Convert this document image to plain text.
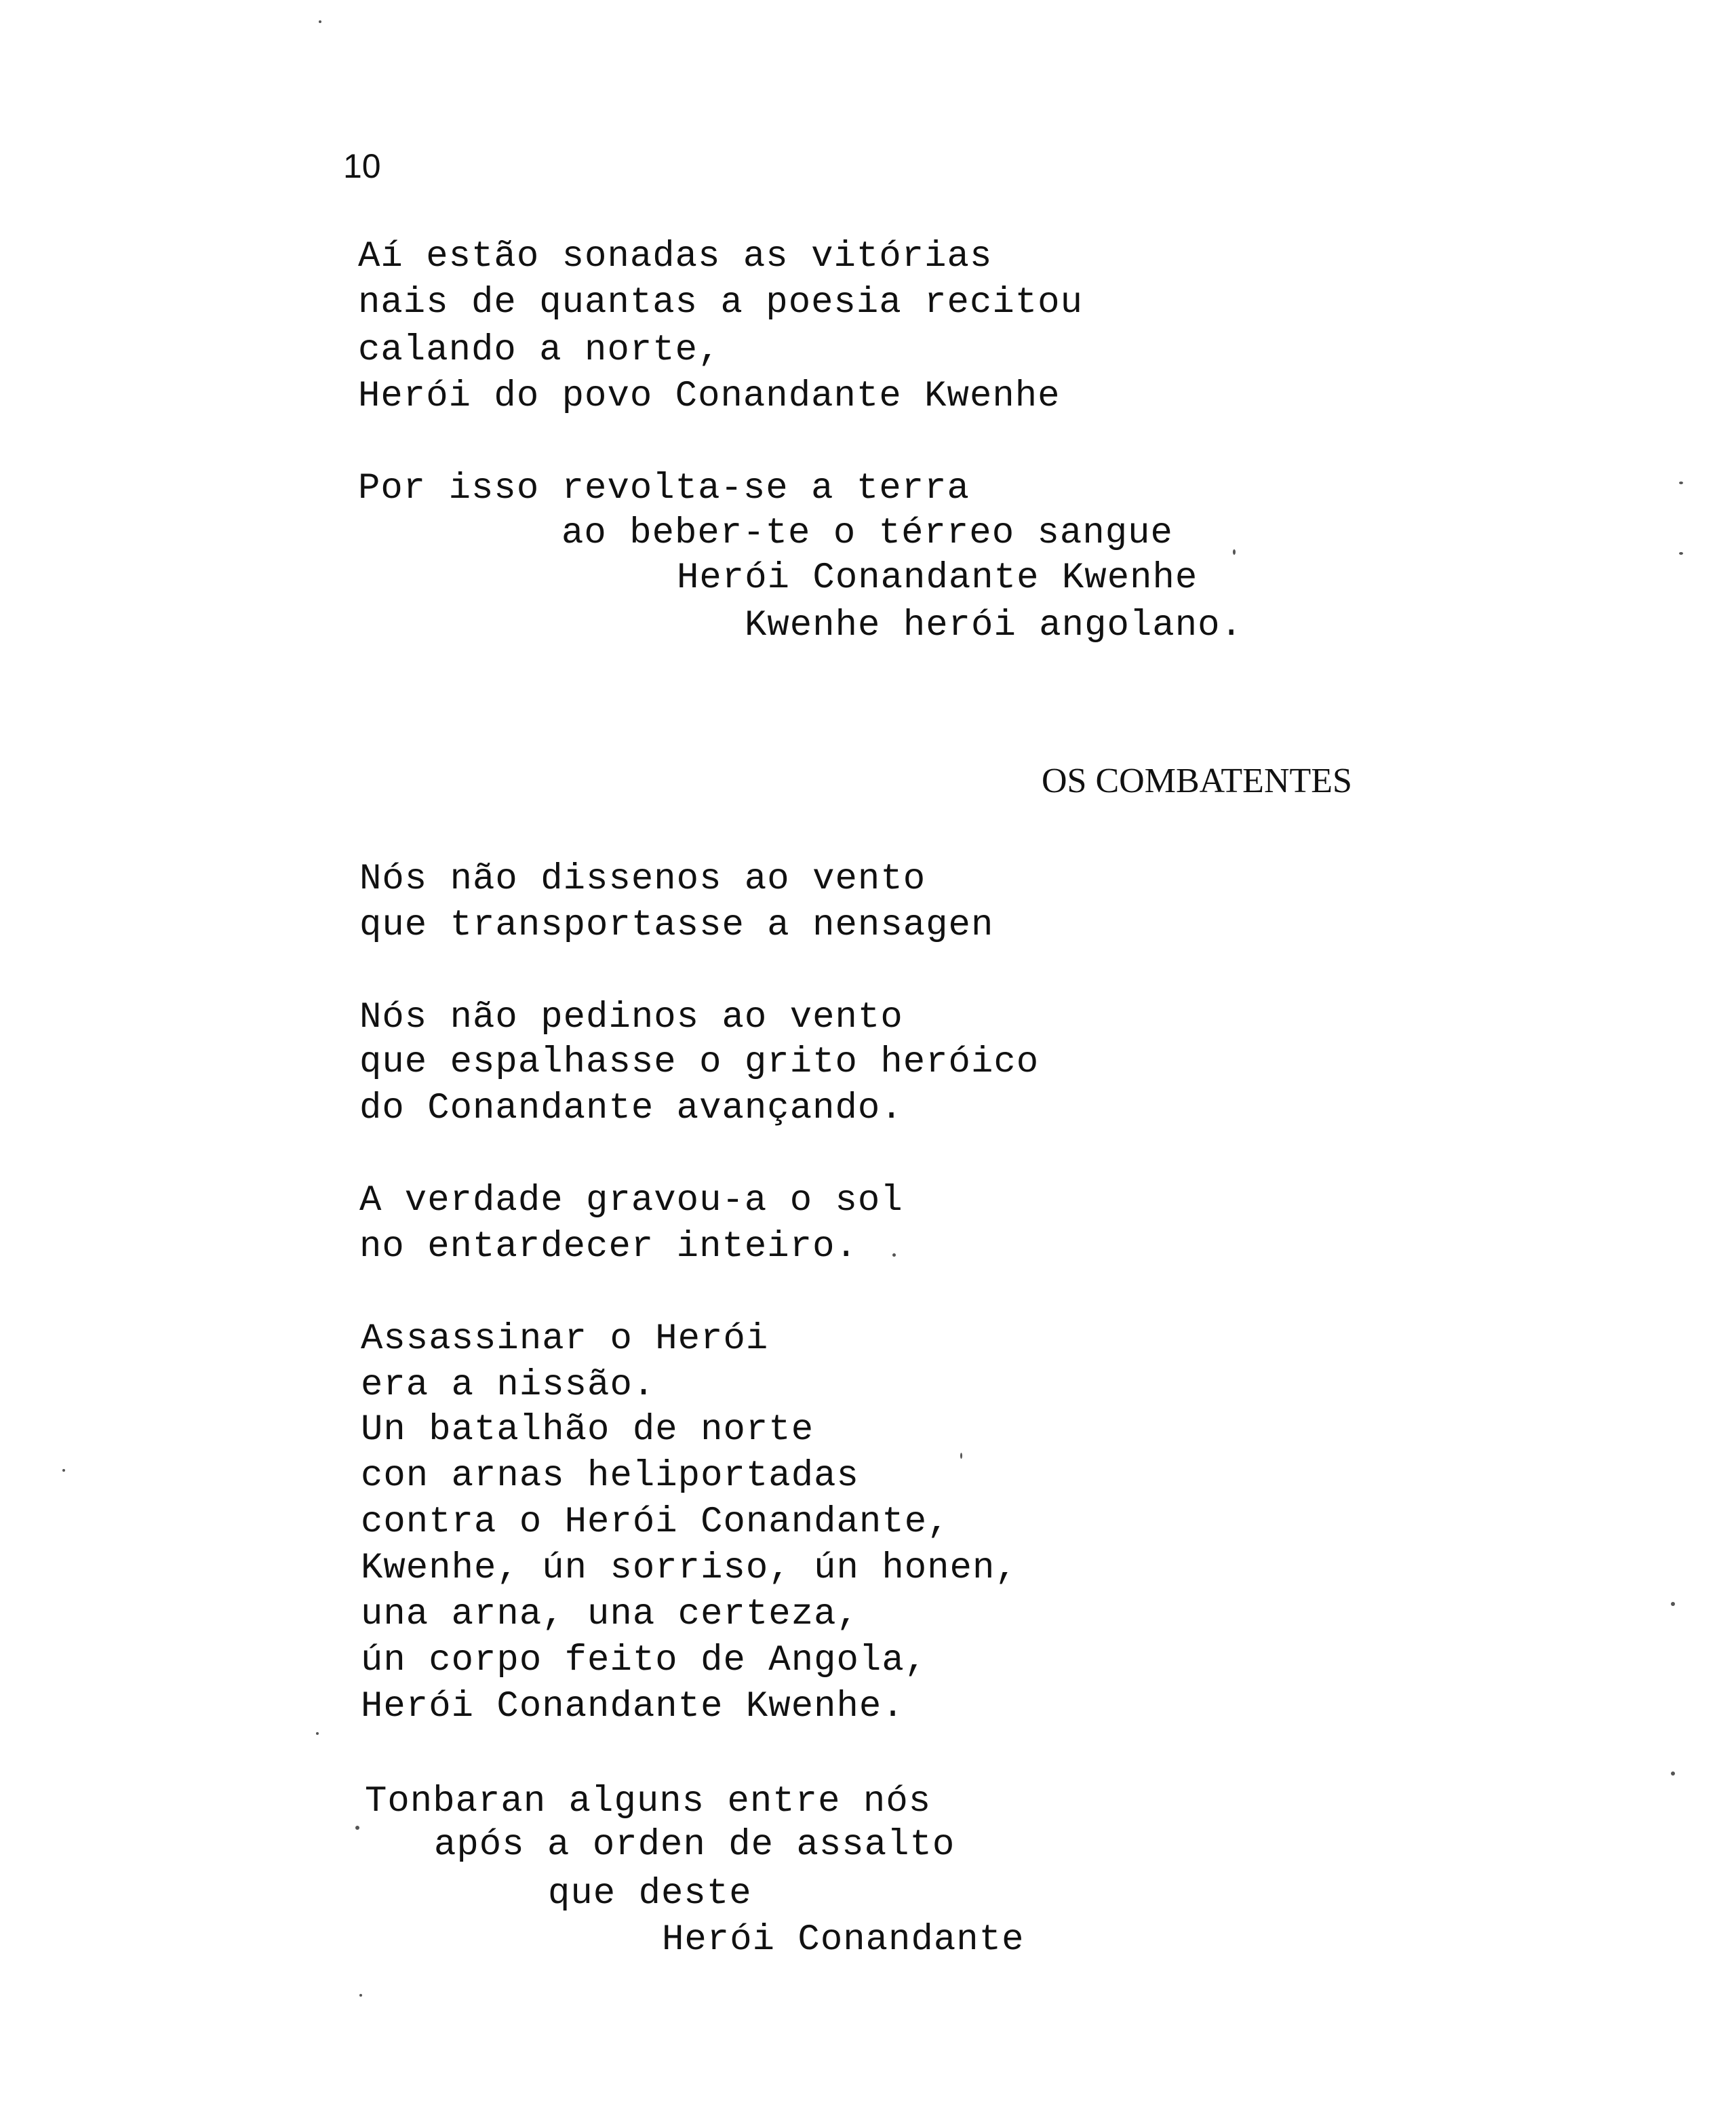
10
Aí estão sonadas as vitórias
nais de quantas a poesia recitou
calando a norte,
Herói do povo Conandante Kwenhe
Por isso revolta-se a terra
ao beber-te o térreo sangue
Herói Conandante Kwenhe
Kwenhe herói angolano.
OS COMBATENTES
Nós não dissenos ao vento
que transportasse a nensagen
Nós não pedinos ao vento
que espalhasse o grito heróico
do Conandante avançando.
A verdade gravou-a o sol
no entardecer inteiro.
Assassinar o Herói
era a nissão.
Un batalhão de norte
con arnas heliportadas
contra o Herói Conandante,
Kwenhe, ún sorriso, ún honen,
una arna, una certeza,
ún corpo feito de Angola,
Herói Conandante Kwenhe.
Tonbaran alguns entre nós
após a orden de assalto
que deste
Herói Conandante
